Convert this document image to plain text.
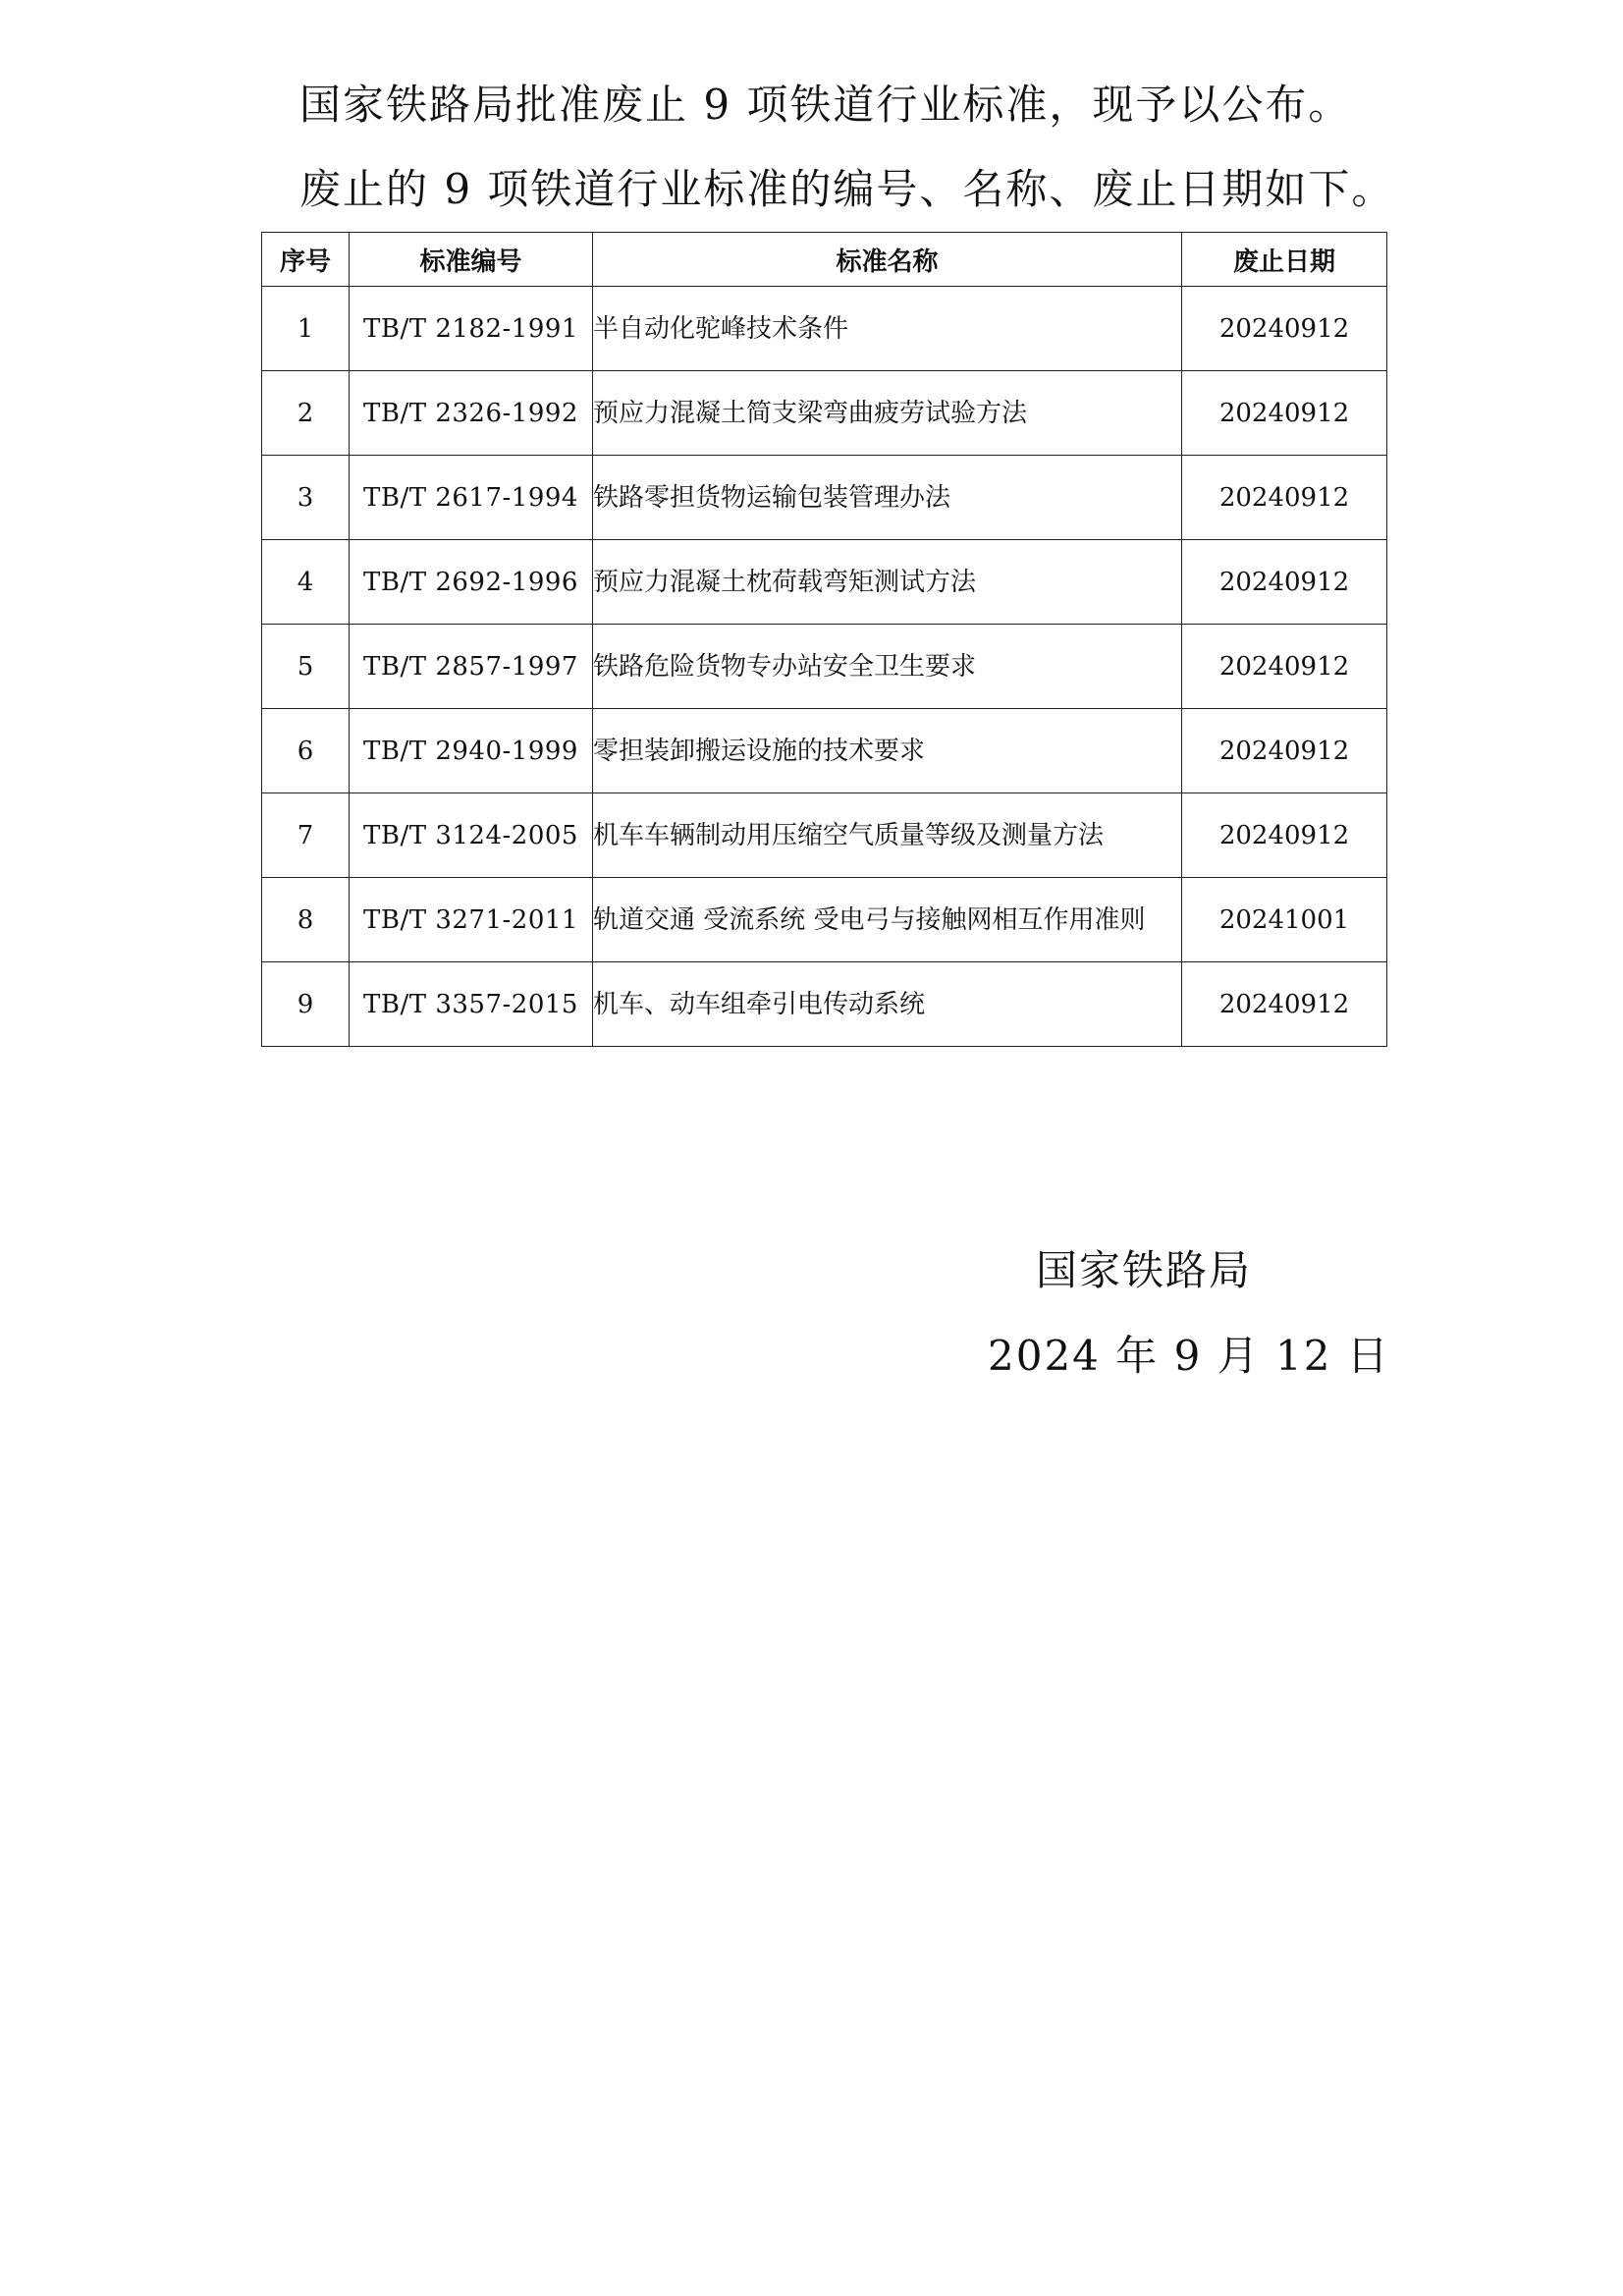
国家铁路局批准废止 9 项铁道行业标准，现予以公布。
废止的 9 项铁道行业标准的编号、名称、废止日期如下。
序号	标准编号	标准名称	废止日期
1	TB/T 2182-1991	半自动化驼峰技术条件	20240912
2	TB/T 2326-1992	预应力混凝土简支梁弯曲疲劳试验方法	20240912
3	TB/T 2617-1994	铁路零担货物运输包装管理办法	20240912
4	TB/T 2692-1996	预应力混凝土枕荷载弯矩测试方法	20240912
5	TB/T 2857-1997	铁路危险货物专办站安全卫生要求	20240912
6	TB/T 2940-1999	零担装卸搬运设施的技术要求	20240912
7	TB/T 3124-2005	机车车辆制动用压缩空气质量等级及测量方法	20240912
8	TB/T 3271-2011	轨道交通 受流系统 受电弓与接触网相互作用准则	20241001
9	TB/T 3357-2015	机车、动车组牵引电传动系统	20240912
国家铁路局
2024 年 9 月 12 日
